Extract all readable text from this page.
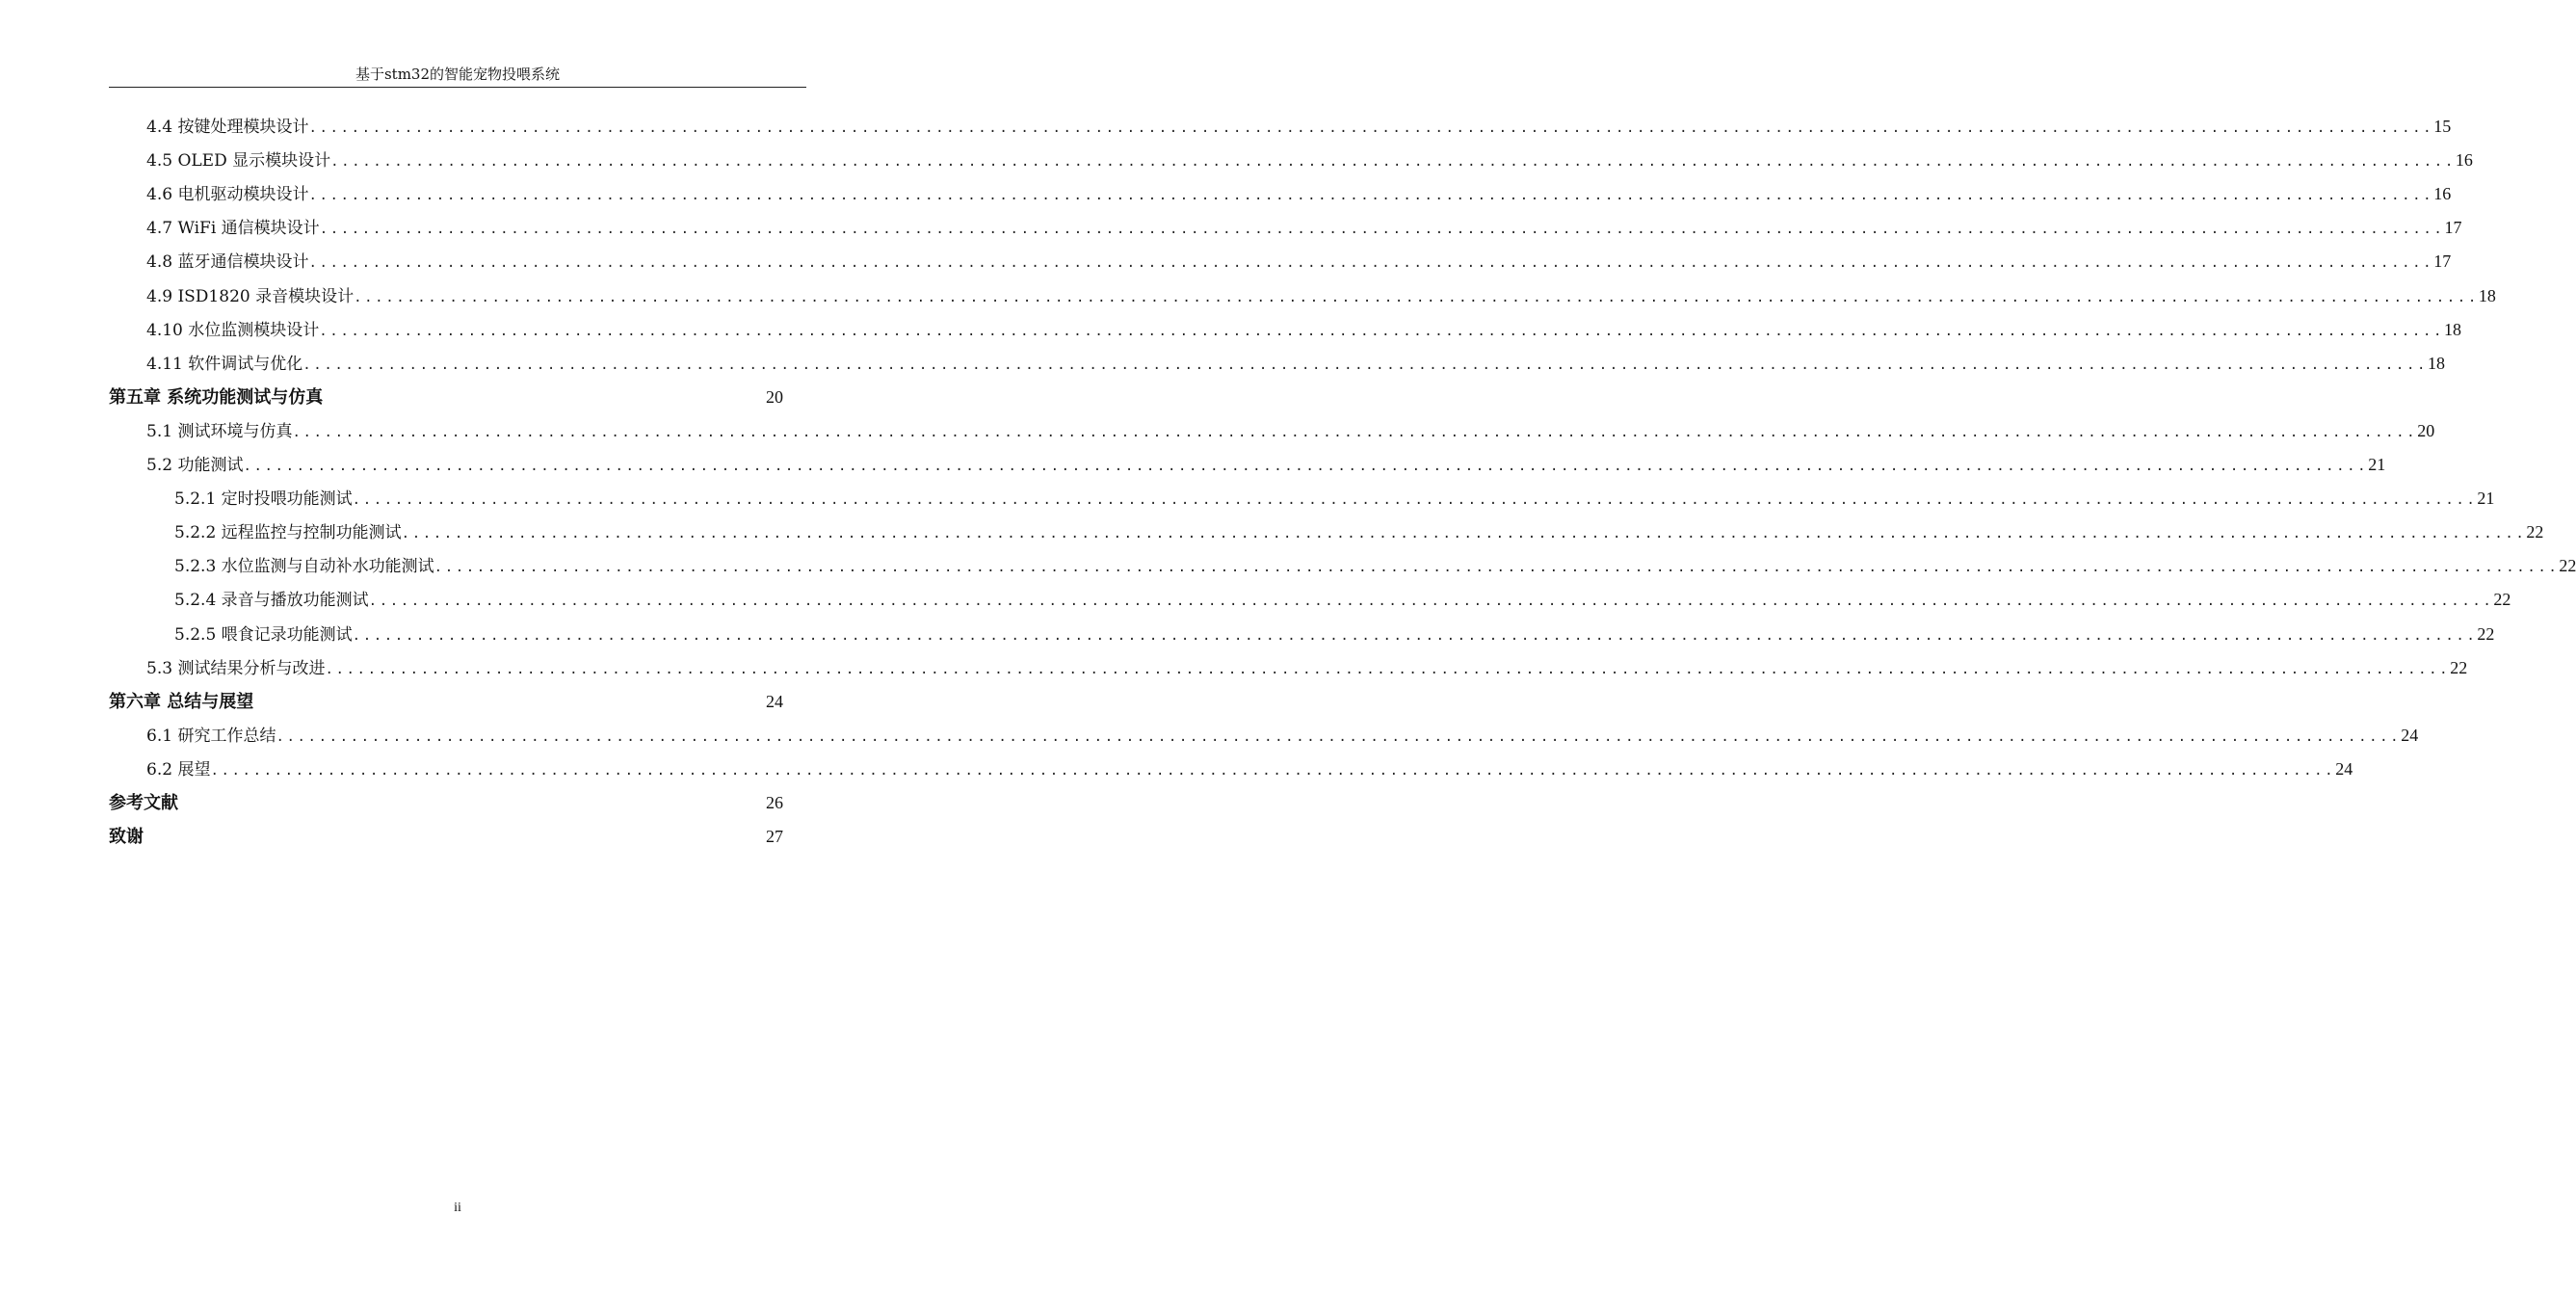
基于stm32的智能宠物投喂系统
4.4 按键处理模块设计 ........................................................................................................................................................................................................ 15
4.5 OLED 显示模块设计 ........................................................................................................................................................................................................ 16
4.6 电机驱动模块设计 ........................................................................................................................................................................................................ 16
4.7 WiFi 通信模块设计 ........................................................................................................................................................................................................ 17
4.8 蓝牙通信模块设计 ........................................................................................................................................................................................................ 17
4.9 ISD1820 录音模块设计 ........................................................................................................................................................................................................ 18
4.10 水位监测模块设计 ........................................................................................................................................................................................................ 18
4.11 软件调试与优化 ........................................................................................................................................................................................................ 18
第五章 系统功能测试与仿真	20
5.1 测试环境与仿真 ........................................................................................................................................................................................................ 20
5.2 功能测试 ........................................................................................................................................................................................................ 21
5.2.1 定时投喂功能测试 ........................................................................................................................................................................................................ 21
5.2.2 远程监控与控制功能测试 ........................................................................................................................................................................................................ 22
5.2.3 水位监测与自动补水功能测试 ........................................................................................................................................................................................................ 22
5.2.4 录音与播放功能测试 ........................................................................................................................................................................................................ 22
5.2.5 喂食记录功能测试 ........................................................................................................................................................................................................ 22
5.3 测试结果分析与改进 ........................................................................................................................................................................................................ 22
第六章 总结与展望	24
6.1 研究工作总结 ........................................................................................................................................................................................................ 24
6.2 展望 ........................................................................................................................................................................................................ 24
参考文献	26
致谢	27
ii
